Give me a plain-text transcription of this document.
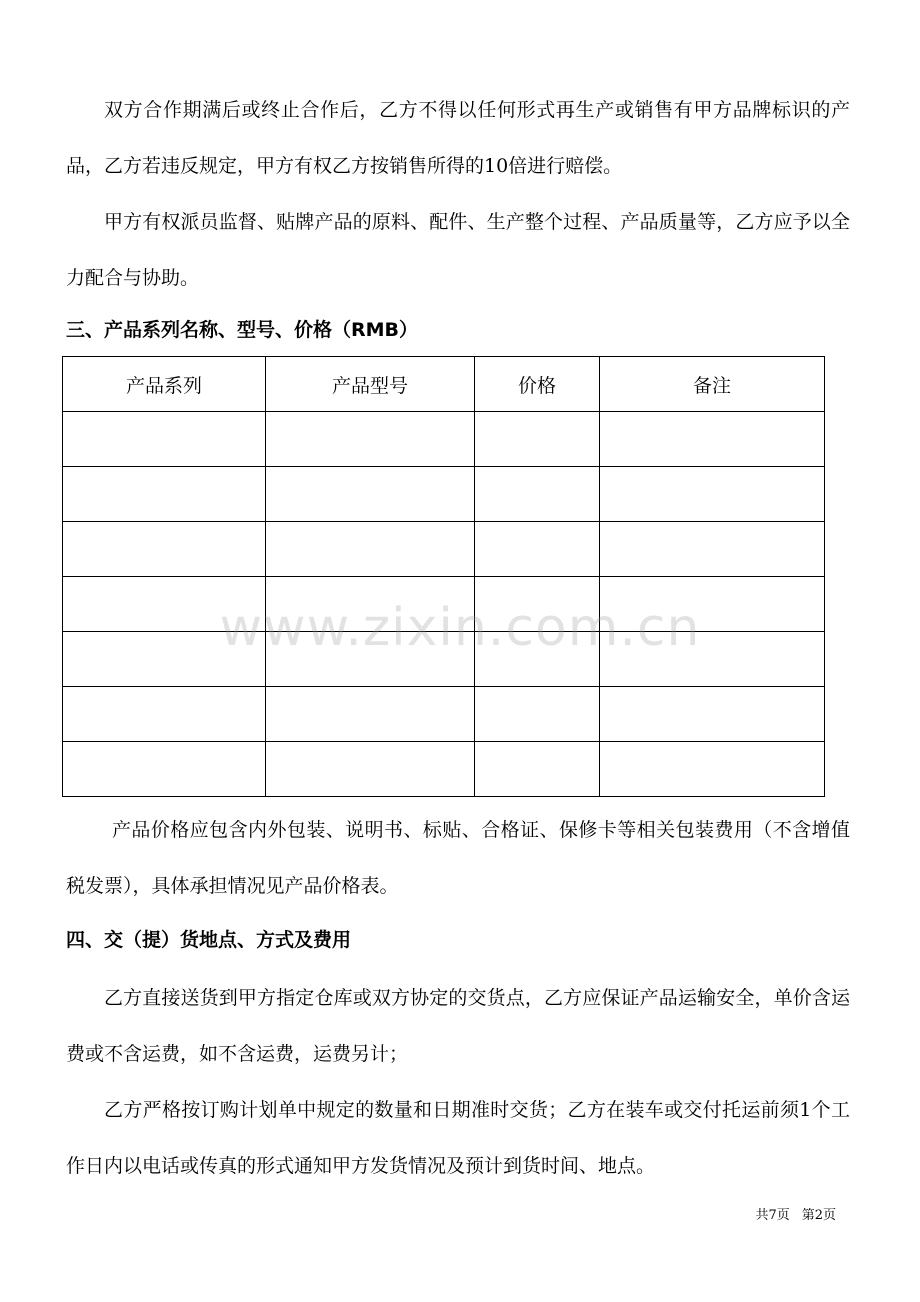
双方合作期满后或终止合作后，乙方不得以任何形式再生产或销售有甲方品牌标识的产品，乙方若违反规定，甲方有权乙方按销售所得的10倍进行赔偿。

甲方有权派员监督、贴牌产品的原料、配件、生产整个过程、产品质量等，乙方应予以全力配合与协助。

三、产品系列名称、型号、价格（RMB）
产品系列	产品型号	价格	备注

www.zixin.com.cn

产品价格应包含内外包装、说明书、标贴、合格证、保修卡等相关包装费用（不含增值税发票），具体承担情况见产品价格表。

四、交（提）货地点、方式及费用

乙方直接送货到甲方指定仓库或双方协定的交货点，乙方应保证产品运输安全，单价含运费或不含运费，如不含运费，运费另计；

乙方严格按订购计划单中规定的数量和日期准时交货；乙方在装车或交付托运前须1个工作日内以电话或传真的形式通知甲方发货情况及预计到货时间、地点。

共7页 第2页
